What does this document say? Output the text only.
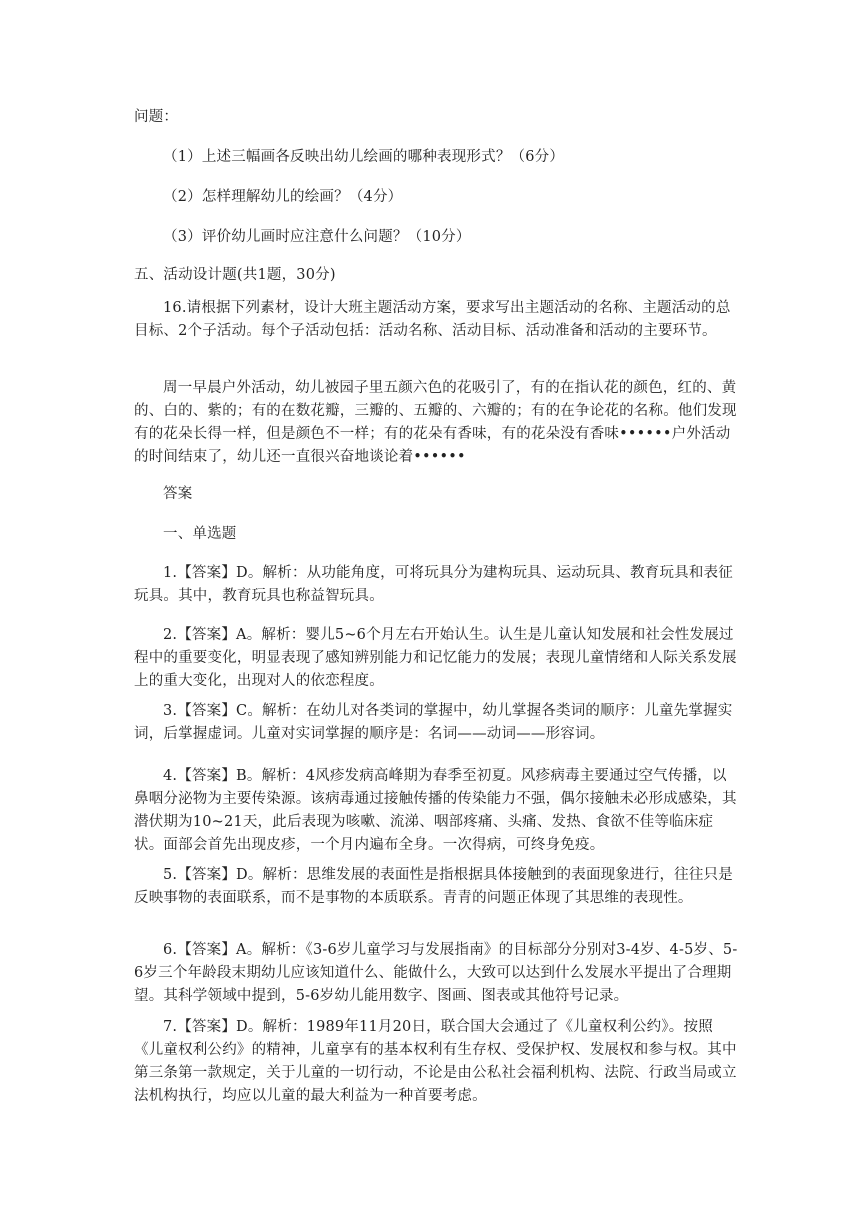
问题：

（1）上述三幅画各反映出幼儿绘画的哪种表现形式？（6分）

（2）怎样理解幼儿的绘画？（4分）

（3）评价幼儿画时应注意什么问题？（10分）

五、活动设计题(共1题，30分)

16.请根据下列素材，设计大班主题活动方案，要求写出主题活动的名称、主题活动的总目标、2个子活动。每个子活动包括：活动名称、活动目标、活动准备和活动的主要环节。

周一早晨户外活动，幼儿被园子里五颜六色的花吸引了，有的在指认花的颜色，红的、黄的、白的、紫的；有的在数花瓣，三瓣的、五瓣的、六瓣的；有的在争论花的名称。他们发现有的花朵长得一样，但是颜色不一样；有的花朵有香味，有的花朵没有香味••••••户外活动的时间结束了，幼儿还一直很兴奋地谈论着••••••

答案

一、单选题

1.【答案】D。解析：从功能角度，可将玩具分为建构玩具、运动玩具、教育玩具和表征玩具。其中，教育玩具也称益智玩具。

2.【答案】A。解析：婴儿5~6个月左右开始认生。认生是儿童认知发展和社会性发展过程中的重要变化，明显表现了感知辨别能力和记忆能力的发展；表现儿童情绪和人际关系发展上的重大变化，出现对人的依恋程度。

3.【答案】C。解析：在幼儿对各类词的掌握中，幼儿掌握各类词的顺序：儿童先掌握实词，后掌握虚词。儿童对实词掌握的顺序是：名词——动词——形容词。

4.【答案】B。解析：4风疹发病高峰期为春季至初夏。风疹病毒主要通过空气传播，以鼻咽分泌物为主要传染源。该病毒通过接触传播的传染能力不强，偶尔接触未必形成感染，其潜伏期为10~21天，此后表现为咳嗽、流涕、咽部疼痛、头痛、发热、食欲不佳等临床症状。面部会首先出现皮疹，一个月内遍布全身。一次得病，可终身免疫。

5.【答案】D。解析：思维发展的表面性是指根据具体接触到的表面现象进行，往往只是反映事物的表面联系，而不是事物的本质联系。青青的问题正体现了其思维的表现性。

6.【答案】A。解析：《3-6岁儿童学习与发展指南》的目标部分分别对3-4岁、4-5岁、5-6岁三个年龄段末期幼儿应该知道什么、能做什么，大致可以达到什么发展水平提出了合理期望。其科学领域中提到，5-6岁幼儿能用数字、图画、图表或其他符号记录。

7.【答案】D。解析：1989年11月20日，联合国大会通过了《儿童权利公约》。按照《儿童权利公约》的精神，儿童享有的基本权利有生存权、受保护权、发展权和参与权。其中第三条第一款规定，关于儿童的一切行动，不论是由公私社会福利机构、法院、行政当局或立法机构执行，均应以儿童的最大利益为一种首要考虑。
